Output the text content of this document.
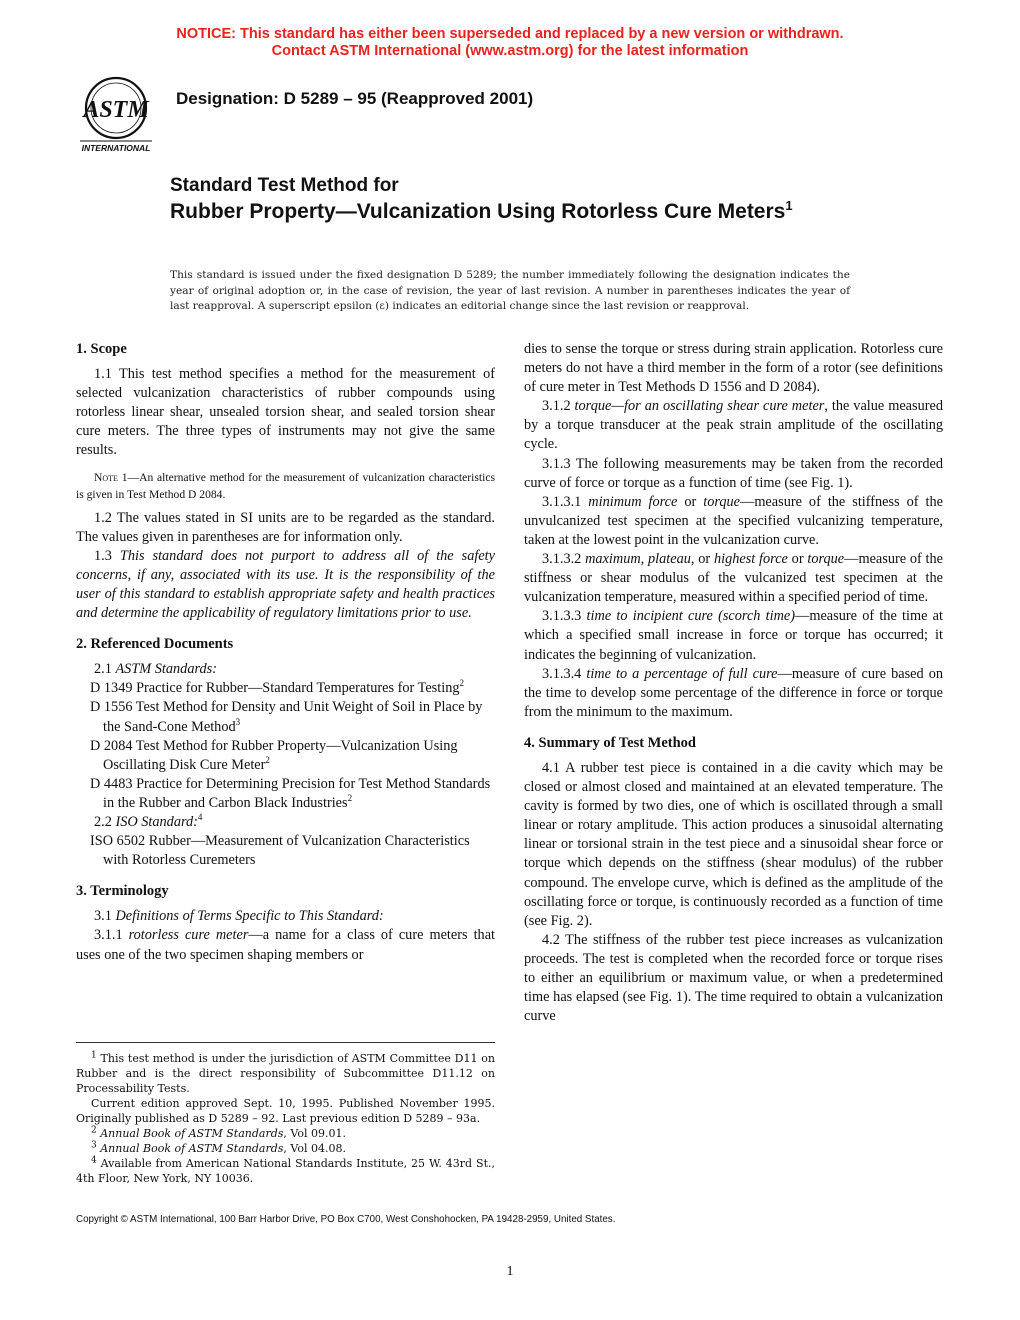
NOTICE: This standard has either been superseded and replaced by a new version or withdrawn.
Contact ASTM International (www.astm.org) for the latest information
ASTM
INTERNATIONAL
Designation: D 5289 – 95 (Reapproved 2001)
Standard Test Method for
Rubber Property—Vulcanization Using Rotorless Cure Meters$^1$
This standard is issued under the fixed designation D 5289; the number immediately following the designation indicates the year of original adoption or, in the case of revision, the year of last revision. A number in parentheses indicates the year of last reapproval. A superscript epsilon (ε) indicates an editorial change since the last revision or reapproval.

1. Scope

1.1 This test method specifies a method for the measurement of selected vulcanization characteristics of rubber compounds using rotorless linear shear, unsealed torsion shear, and sealed torsion shear cure meters. The three types of instruments may not give the same results.

Note 1—An alternative method for the measurement of vulcanization characteristics is given in Test Method D 2084.

1.2 The values stated in SI units are to be regarded as the standard. The values given in parentheses are for information only.

1.3 This standard does not purport to address all of the safety concerns, if any, associated with its use. It is the responsibility of the user of this standard to establish appropriate safety and health practices and determine the applicability of regulatory limitations prior to use.

2. Referenced Documents

2.1 ASTM Standards:

D 1349 Practice for Rubber—Standard Temperatures for Testing$^2$

D 1556 Test Method for Density and Unit Weight of Soil in Place by the Sand-Cone Method$^3$

D 2084 Test Method for Rubber Property—Vulcanization Using Oscillating Disk Cure Meter$^2$

D 4483 Practice for Determining Precision for Test Method Standards in the Rubber and Carbon Black Industries$^2$

2.2 ISO Standard:$^4$

ISO 6502 Rubber—Measurement of Vulcanization Characteristics with Rotorless Curemeters

3. Terminology

3.1 Definitions of Terms Specific to This Standard:

3.1.1 rotorless cure meter—a name for a class of cure meters that uses one of the two specimen shaping members or

dies to sense the torque or stress during strain application. Rotorless cure meters do not have a third member in the form of a rotor (see definitions of cure meter in Test Methods D 1556 and D 2084).

3.1.2 torque—for an oscillating shear cure meter, the value measured by a torque transducer at the peak strain amplitude of the oscillating cycle.

3.1.3 The following measurements may be taken from the recorded curve of force or torque as a function of time (see Fig. 1).

3.1.3.1 minimum force or torque—measure of the stiffness of the unvulcanized test specimen at the specified vulcanizing temperature, taken at the lowest point in the vulcanization curve.

3.1.3.2 maximum, plateau, or highest force or torque—measure of the stiffness or shear modulus of the vulcanized test specimen at the vulcanization temperature, measured within a specified period of time.

3.1.3.3 time to incipient cure (scorch time)—measure of the time at which a specified small increase in force or torque has occurred; it indicates the beginning of vulcanization.

3.1.3.4 time to a percentage of full cure—measure of cure based on the time to develop some percentage of the difference in force or torque from the minimum to the maximum.

4. Summary of Test Method

4.1 A rubber test piece is contained in a die cavity which may be closed or almost closed and maintained at an elevated temperature. The cavity is formed by two dies, one of which is oscillated through a small linear or rotary amplitude. This action produces a sinusoidal alternating linear or torsional strain in the test piece and a sinusoidal shear force or torque which depends on the stiffness (shear modulus) of the rubber compound. The envelope curve, which is defined as the amplitude of the oscillating force or torque, is continuously recorded as a function of time (see Fig. 2).

4.2 The stiffness of the rubber test piece increases as vulcanization proceeds. The test is completed when the recorded force or torque rises to either an equilibrium or maximum value, or when a predetermined time has elapsed (see Fig. 1). The time required to obtain a vulcanization curve

$^1$ This test method is under the jurisdiction of ASTM Committee D11 on Rubber and is the direct responsibility of Subcommittee D11.12 on Processability Tests.

Current edition approved Sept. 10, 1995. Published November 1995. Originally published as D 5289 – 92. Last previous edition D 5289 – 93a.

$^2$ Annual Book of ASTM Standards, Vol 09.01.

$^3$ Annual Book of ASTM Standards, Vol 04.08.

$^4$ Available from American National Standards Institute, 25 W. 43rd St., 4th Floor, New York, NY 10036.

Copyright © ASTM International, 100 Barr Harbor Drive, PO Box C700, West Conshohocken, PA 19428-2959, United States.
1
